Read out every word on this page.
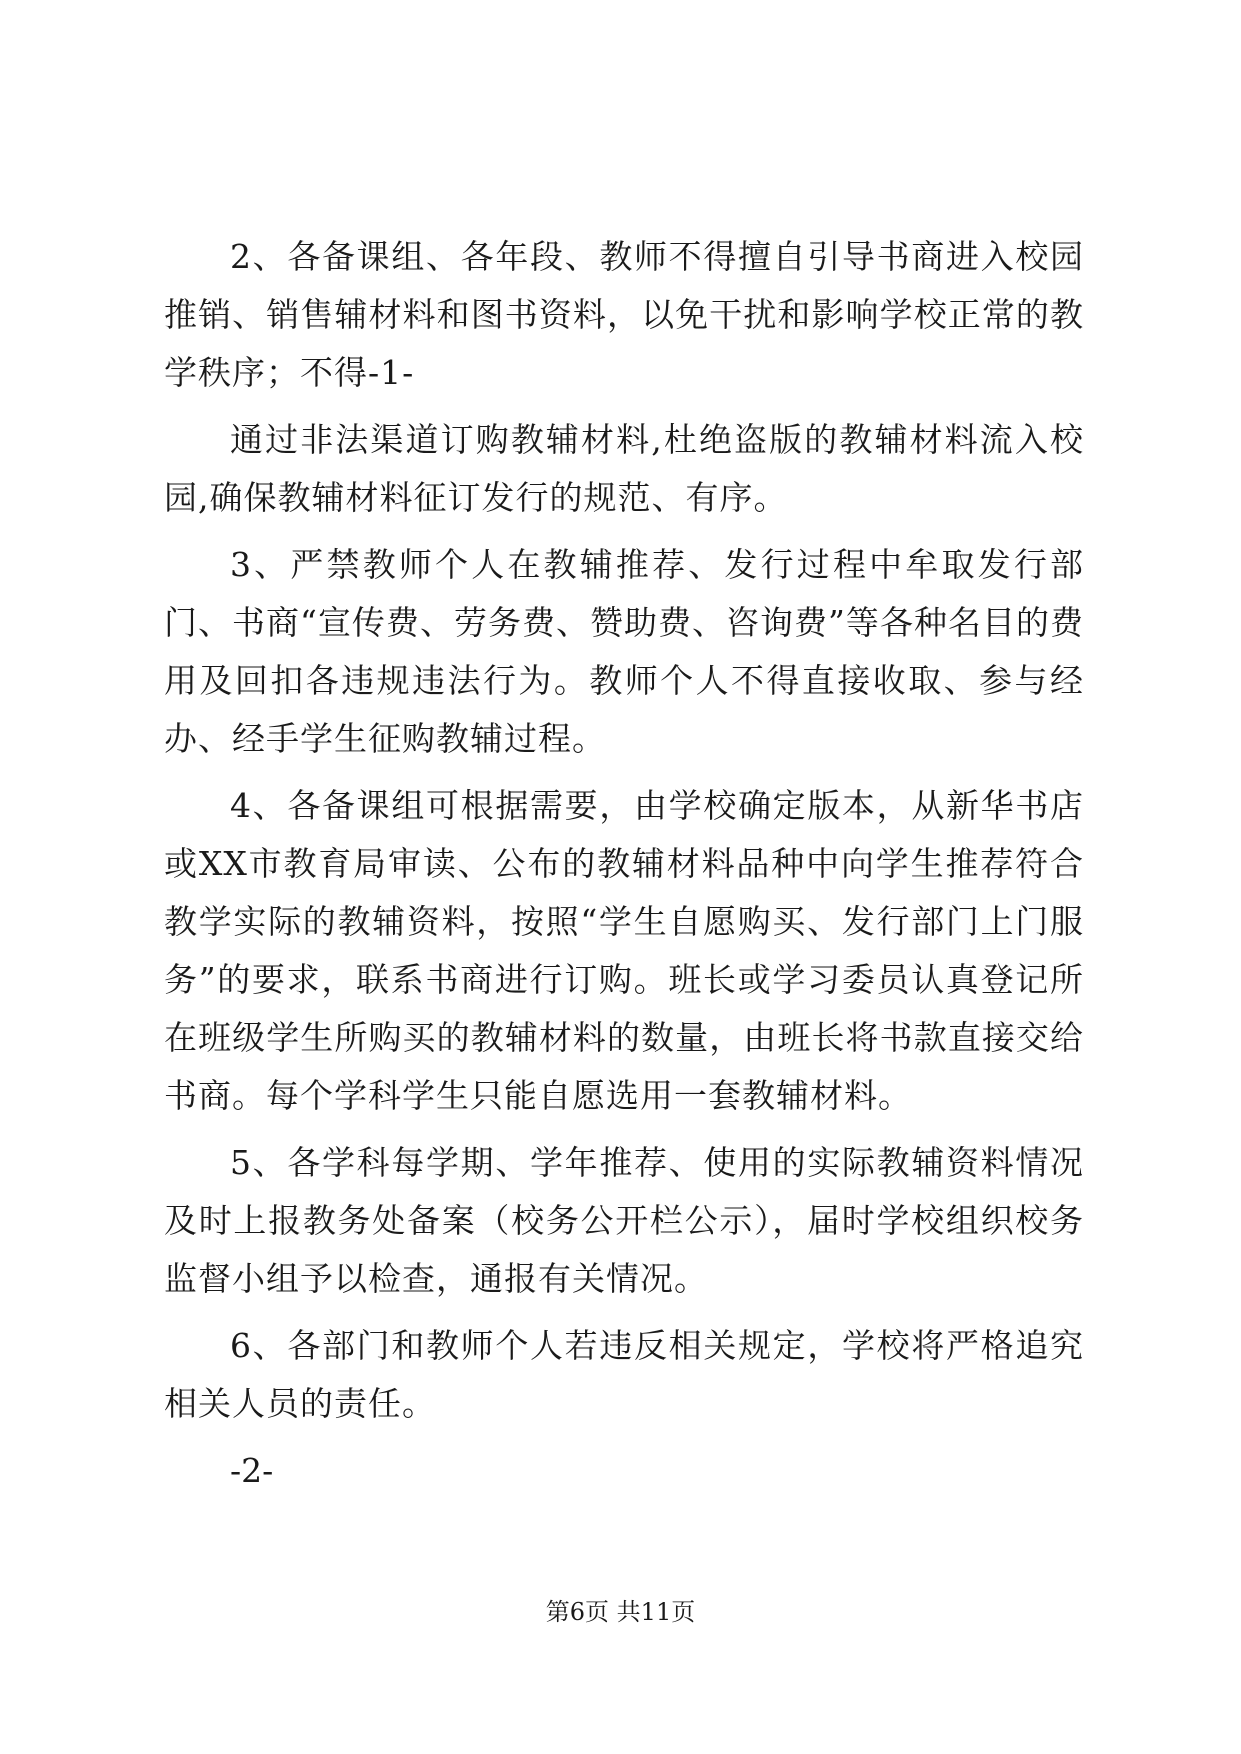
2、各备课组、各年段、教师不得擅自引导书商进入校园推销、销售辅材料和图书资料，以免干扰和影响学校正常的教学秩序；不得-1-

通过非法渠道订购教辅材料,杜绝盗版的教辅材料流入校园,确保教辅材料征订发行的规范、有序。

3、严禁教师个人在教辅推荐、发行过程中牟取发行部门、书商“宣传费、劳务费、赞助费、咨询费”等各种名目的费用及回扣各违规违法行为。教师个人不得直接收取、参与经办、经手学生征购教辅过程。

4、各备课组可根据需要，由学校确定版本，从新华书店或XX市教育局审读、公布的教辅材料品种中向学生推荐符合教学实际的教辅资料，按照“学生自愿购买、发行部门上门服务”的要求，联系书商进行订购。班长或学习委员认真登记所在班级学生所购买的教辅材料的数量，由班长将书款直接交给书商。每个学科学生只能自愿选用一套教辅材料。

5、各学科每学期、学年推荐、使用的实际教辅资料情况及时上报教务处备案（校务公开栏公示），届时学校组织校务监督小组予以检查，通报有关情况。

6、各部门和教师个人若违反相关规定，学校将严格追究相关人员的责任。

-2-

第6页 共11页
